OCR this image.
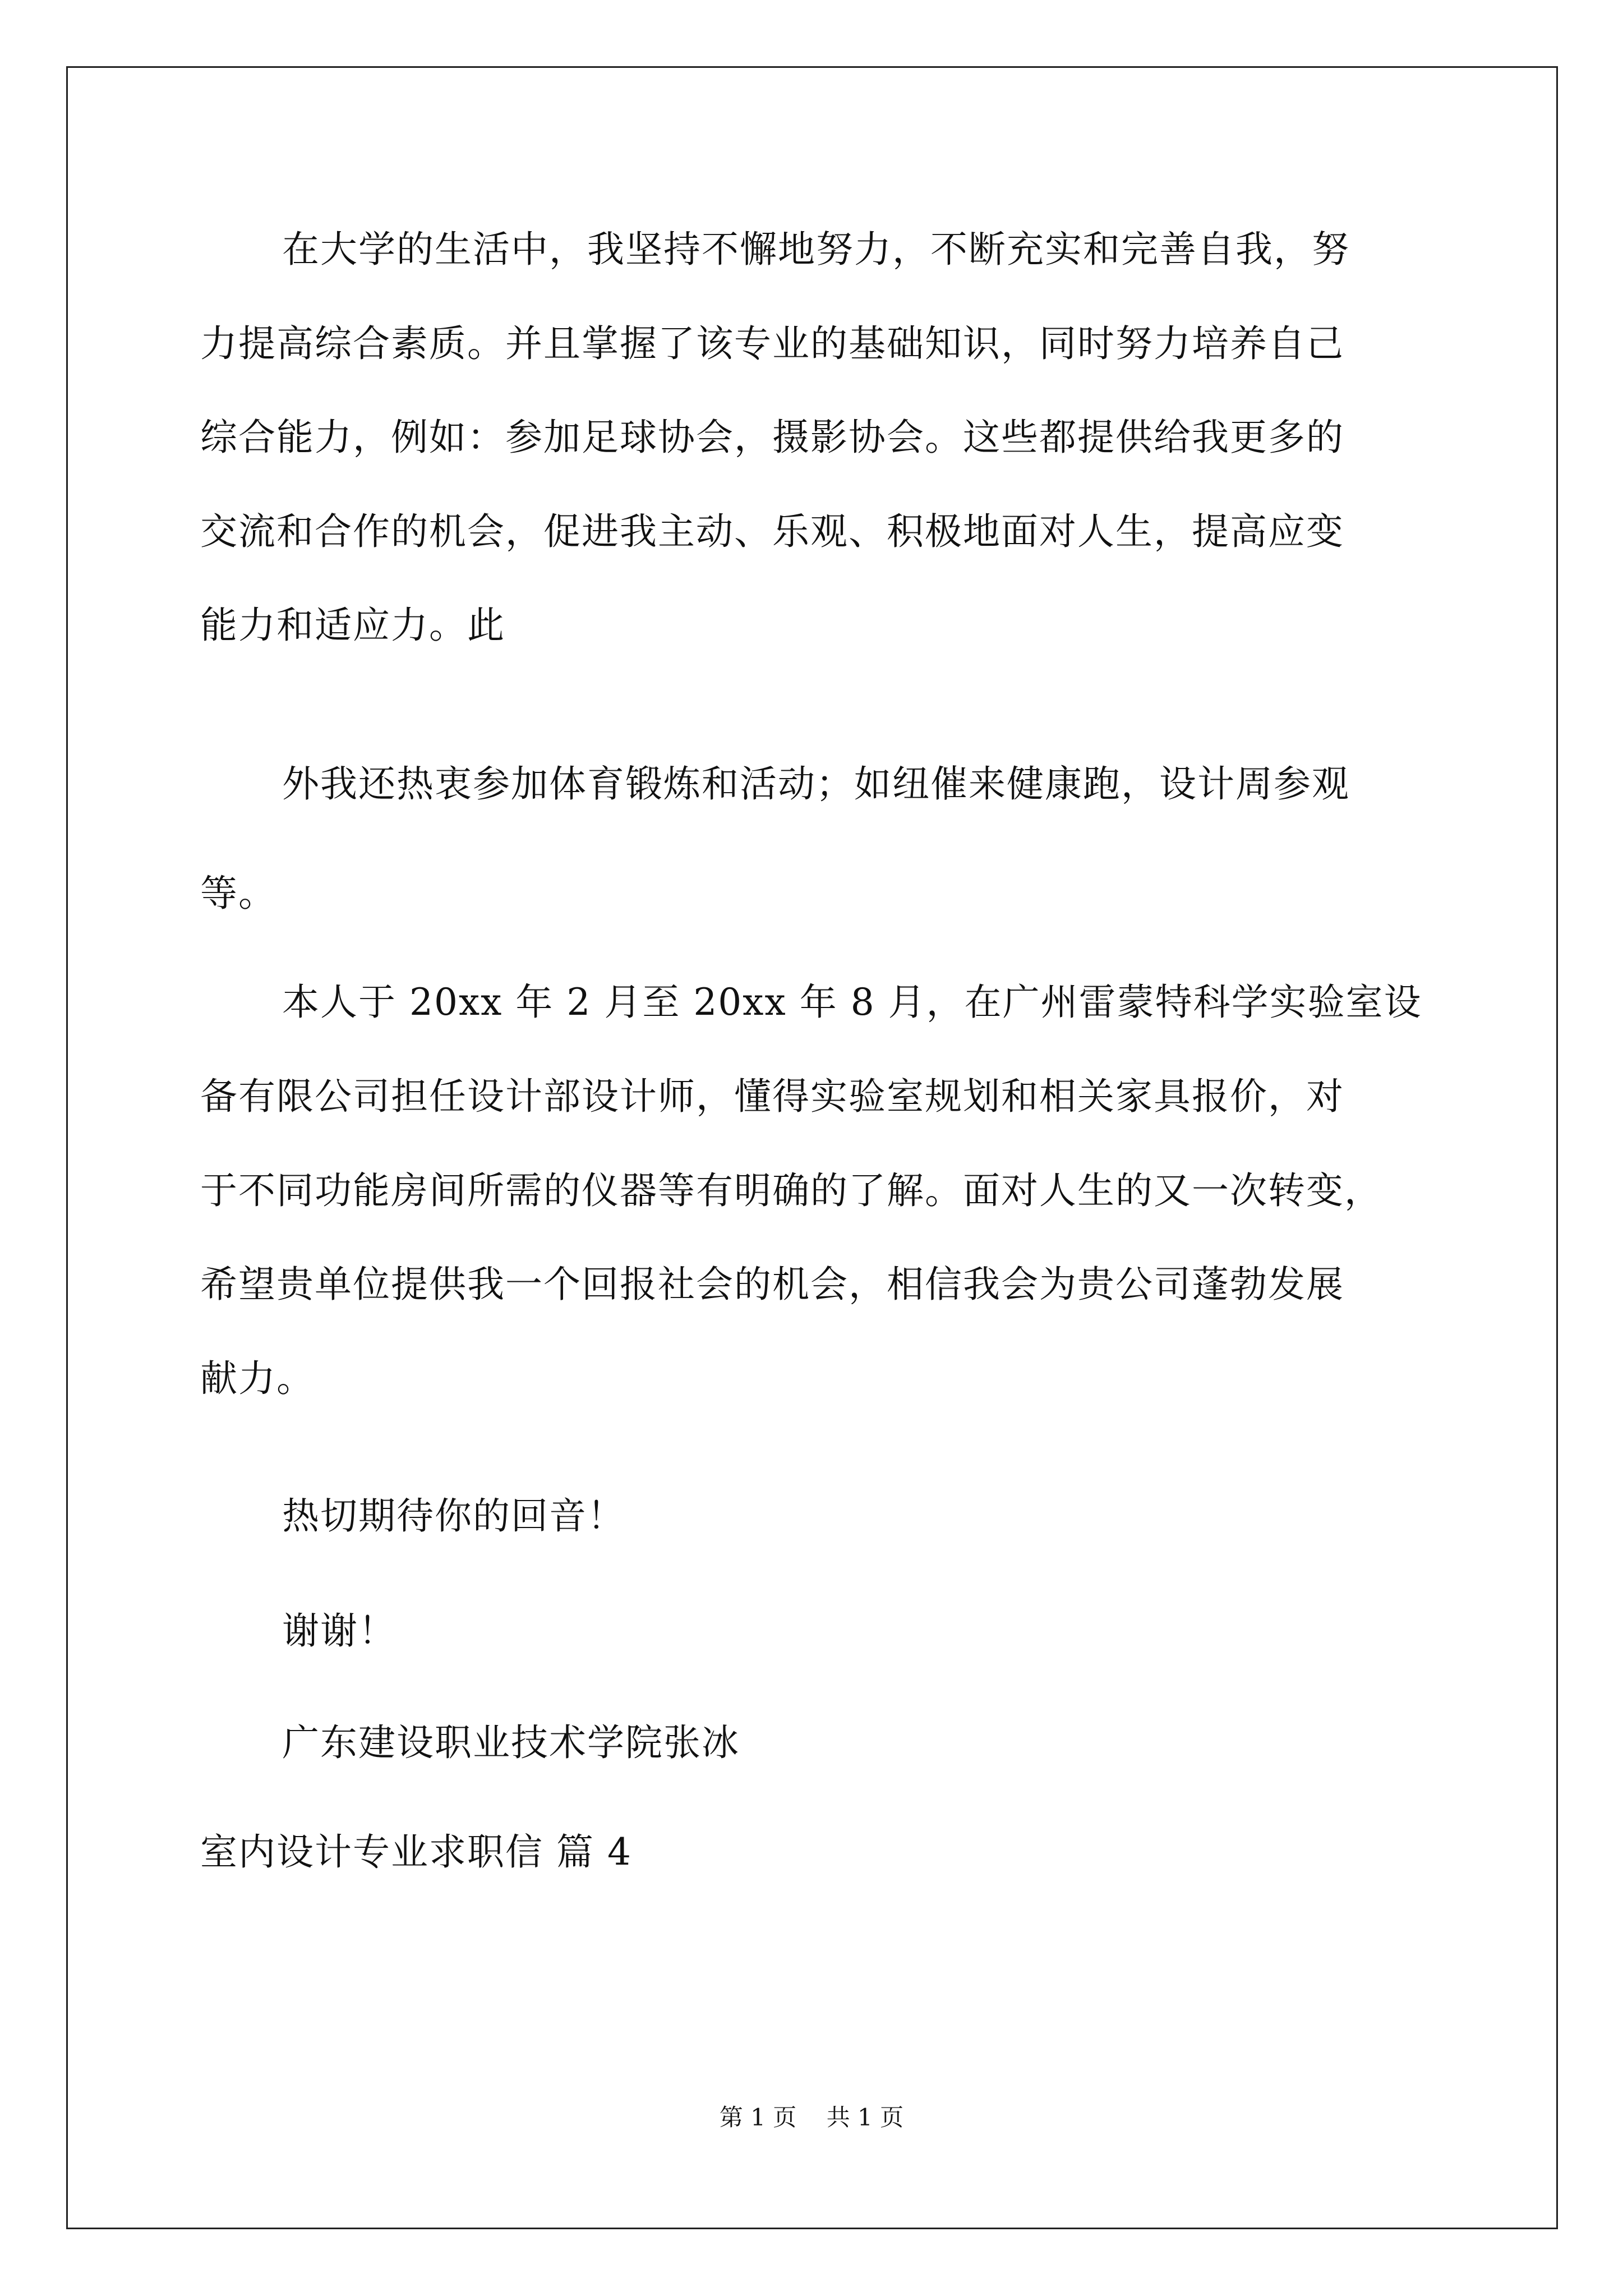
在大学的生活中，我坚持不懈地努力，不断充实和完善自我，努
力提高综合素质。并且掌握了该专业的基础知识，同时努力培养自己
综合能力，例如：参加足球协会，摄影协会。这些都提供给我更多的
交流和合作的机会，促进我主动、乐观、积极地面对人生，提高应变
能力和适应力。此
外我还热衷参加体育锻炼和活动；如纽催来健康跑，设计周参观
等。
本人于 20xx 年 2 月至 20xx 年 8 月，在广州雷蒙特科学实验室设
备有限公司担任设计部设计师，懂得实验室规划和相关家具报价，对
于不同功能房间所需的仪器等有明确的了解。面对人生的又一次转变，
希望贵单位提供我一个回报社会的机会，相信我会为贵公司蓬勃发展
献力。
热切期待你的回音！
谢谢！
广东建设职业技术学院张冰
室内设计专业求职信 篇 4
第 1 页    共 1 页
